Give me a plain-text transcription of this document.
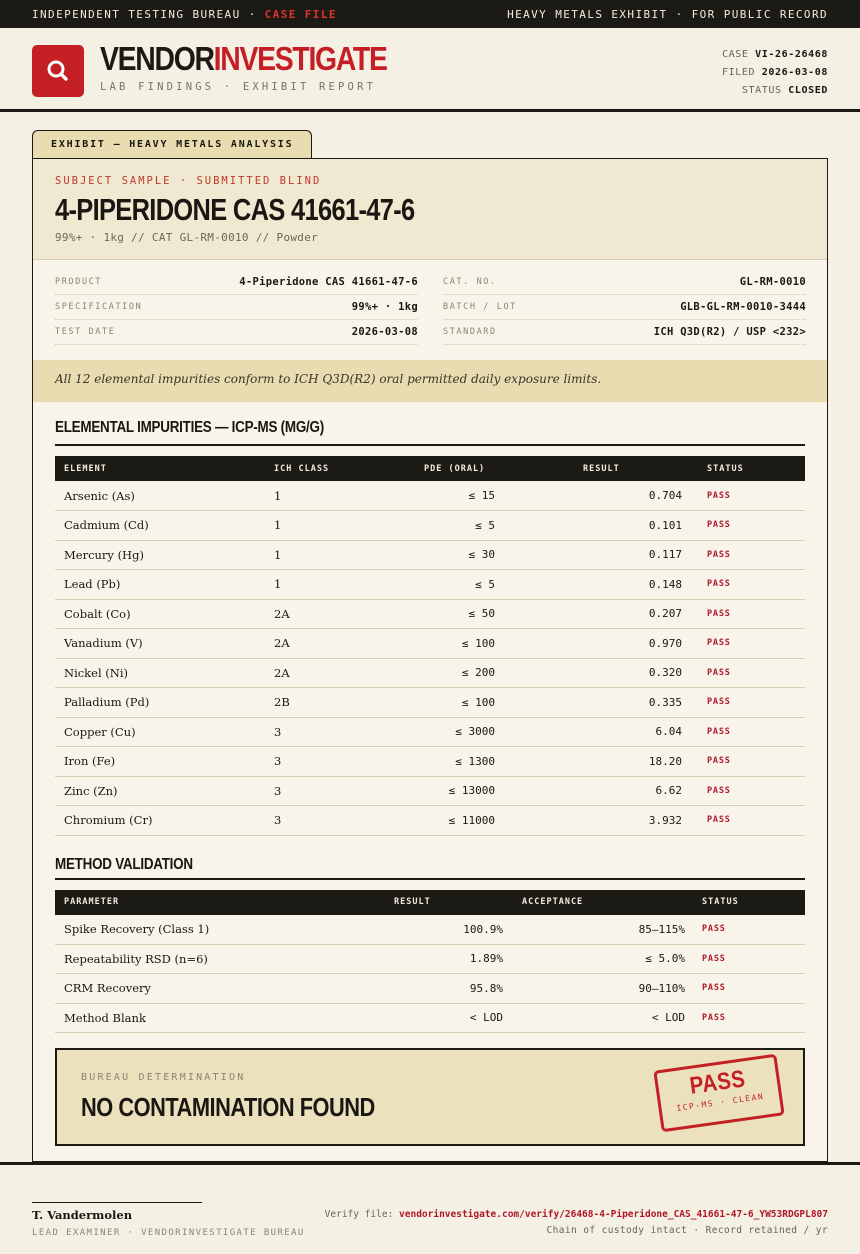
INDEPENDENT TESTING BUREAU · CASE FILE	HEAVY METALS EXHIBIT · FOR PUBLIC RECORD
VENDORINVESTIGATE
LAB FINDINGS · EXHIBIT REPORT
CASE VI-26-26468
FILED 2026-03-08
STATUS CLOSED
EXHIBIT — HEAVY METALS ANALYSIS
SUBJECT SAMPLE · SUBMITTED BLIND
4-PIPERIDONE CAS 41661-47-6
99%+ · 1kg // CAT GL-RM-0010 // Powder
PRODUCT	4-Piperidone CAS 41661-47-6
SPECIFICATION	99%+ · 1kg
TEST DATE	2026-03-08
CAT. NO.	GL-RM-0010
BATCH / LOT	GLB-GL-RM-0010-3444
STANDARD	ICH Q3D(R2) / USP <232>
All 12 elemental impurities conform to ICH Q3D(R2) oral permitted daily exposure limits.
ELEMENTAL IMPURITIES — ICP-MS (ΜG/G)
ELEMENT	ICH CLASS	PDE (ORAL)	RESULT	STATUS
Arsenic (As)	1	≤ 15	0.704	PASS
Cadmium (Cd)	1	≤ 5	0.101	PASS
Mercury (Hg)	1	≤ 30	0.117	PASS
Lead (Pb)	1	≤ 5	0.148	PASS
Cobalt (Co)	2A	≤ 50	0.207	PASS
Vanadium (V)	2A	≤ 100	0.970	PASS
Nickel (Ni)	2A	≤ 200	0.320	PASS
Palladium (Pd)	2B	≤ 100	0.335	PASS
Copper (Cu)	3	≤ 3000	6.04	PASS
Iron (Fe)	3	≤ 1300	18.20	PASS
Zinc (Zn)	3	≤ 13000	6.62	PASS
Chromium (Cr)	3	≤ 11000	3.932	PASS
METHOD VALIDATION
PARAMETER	RESULT	ACCEPTANCE	STATUS
Spike Recovery (Class 1)	100.9%	85–115%	PASS
Repeatability RSD (n=6)	1.89%	≤ 5.0%	PASS
CRM Recovery	95.8%	90–110%	PASS
Method Blank	< LOD	< LOD	PASS
BUREAU DETERMINATION
NO CONTAMINATION FOUND
PASS
ICP-MS · CLEAN
T. Vandermolen
LEAD EXAMINER · VENDORINVESTIGATE BUREAU
Verify file: vendorinvestigate.com/verify/26468-4-Piperidone_CAS_41661-47-6_YW53RDGPL807
Chain of custody intact · Record retained / yr
